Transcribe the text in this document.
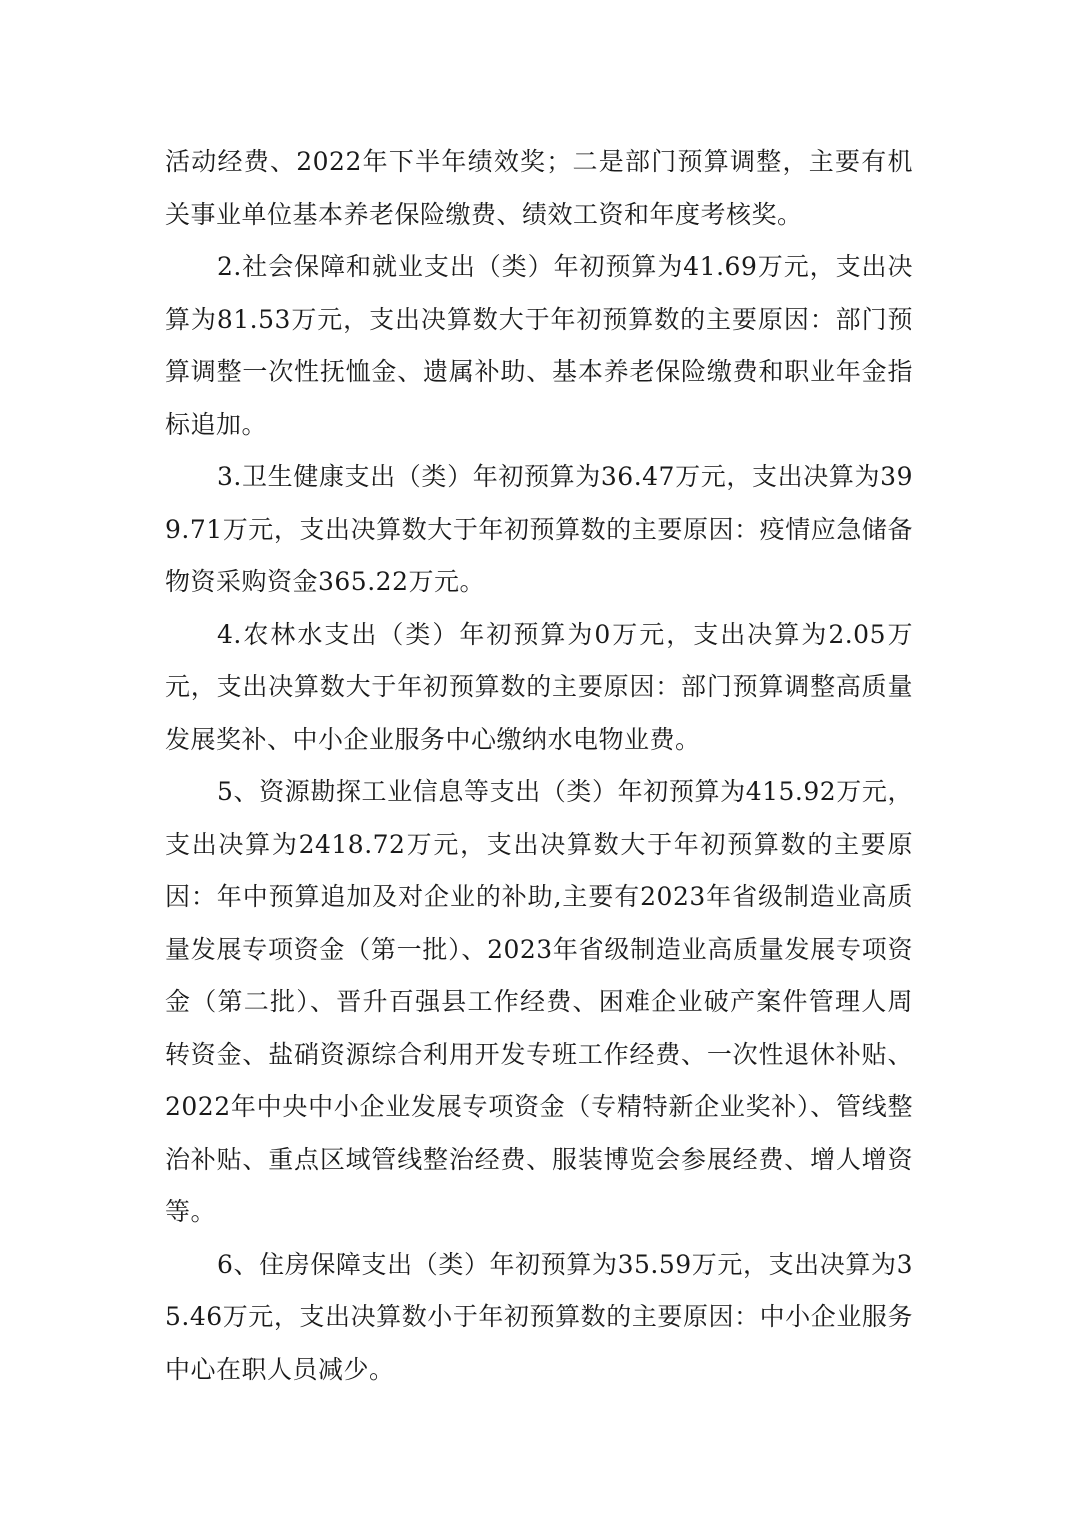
活动经费、2022年下半年绩效奖；二是部门预算调整，主要有机关事业单位基本养老保险缴费、绩效工资和年度考核奖。

2.社会保障和就业支出（类）年初预算为41.69万元，支出决算为81.53万元，支出决算数大于年初预算数的主要原因：部门预算调整一次性抚恤金、遗属补助、基本养老保险缴费和职业年金指标追加。

3.卫生健康支出（类）年初预算为36.47万元，支出决算为399.71万元，支出决算数大于年初预算数的主要原因：疫情应急储备物资采购资金365.22万元。

4.农林水支出（类）年初预算为0万元，支出决算为2.05万元，支出决算数大于年初预算数的主要原因：部门预算调整高质量发展奖补、中小企业服务中心缴纳水电物业费。

5、资源勘探工业信息等支出（类）年初预算为415.92万元，支出决算为2418.72万元，支出决算数大于年初预算数的主要原因：年中预算追加及对企业的补助,主要有2023年省级制造业高质量发展专项资金（第一批）、2023年省级制造业高质量发展专项资金（第二批）、晋升百强县工作经费、困难企业破产案件管理人周转资金、盐硝资源综合利用开发专班工作经费、一次性退休补贴、2022年中央中小企业发展专项资金（专精特新企业奖补）、管线整治补贴、重点区域管线整治经费、服装博览会参展经费、增人增资等。

6、住房保障支出（类）年初预算为35.59万元，支出决算为35.46万元，支出决算数小于年初预算数的主要原因：中小企业服务中心在职人员减少。
